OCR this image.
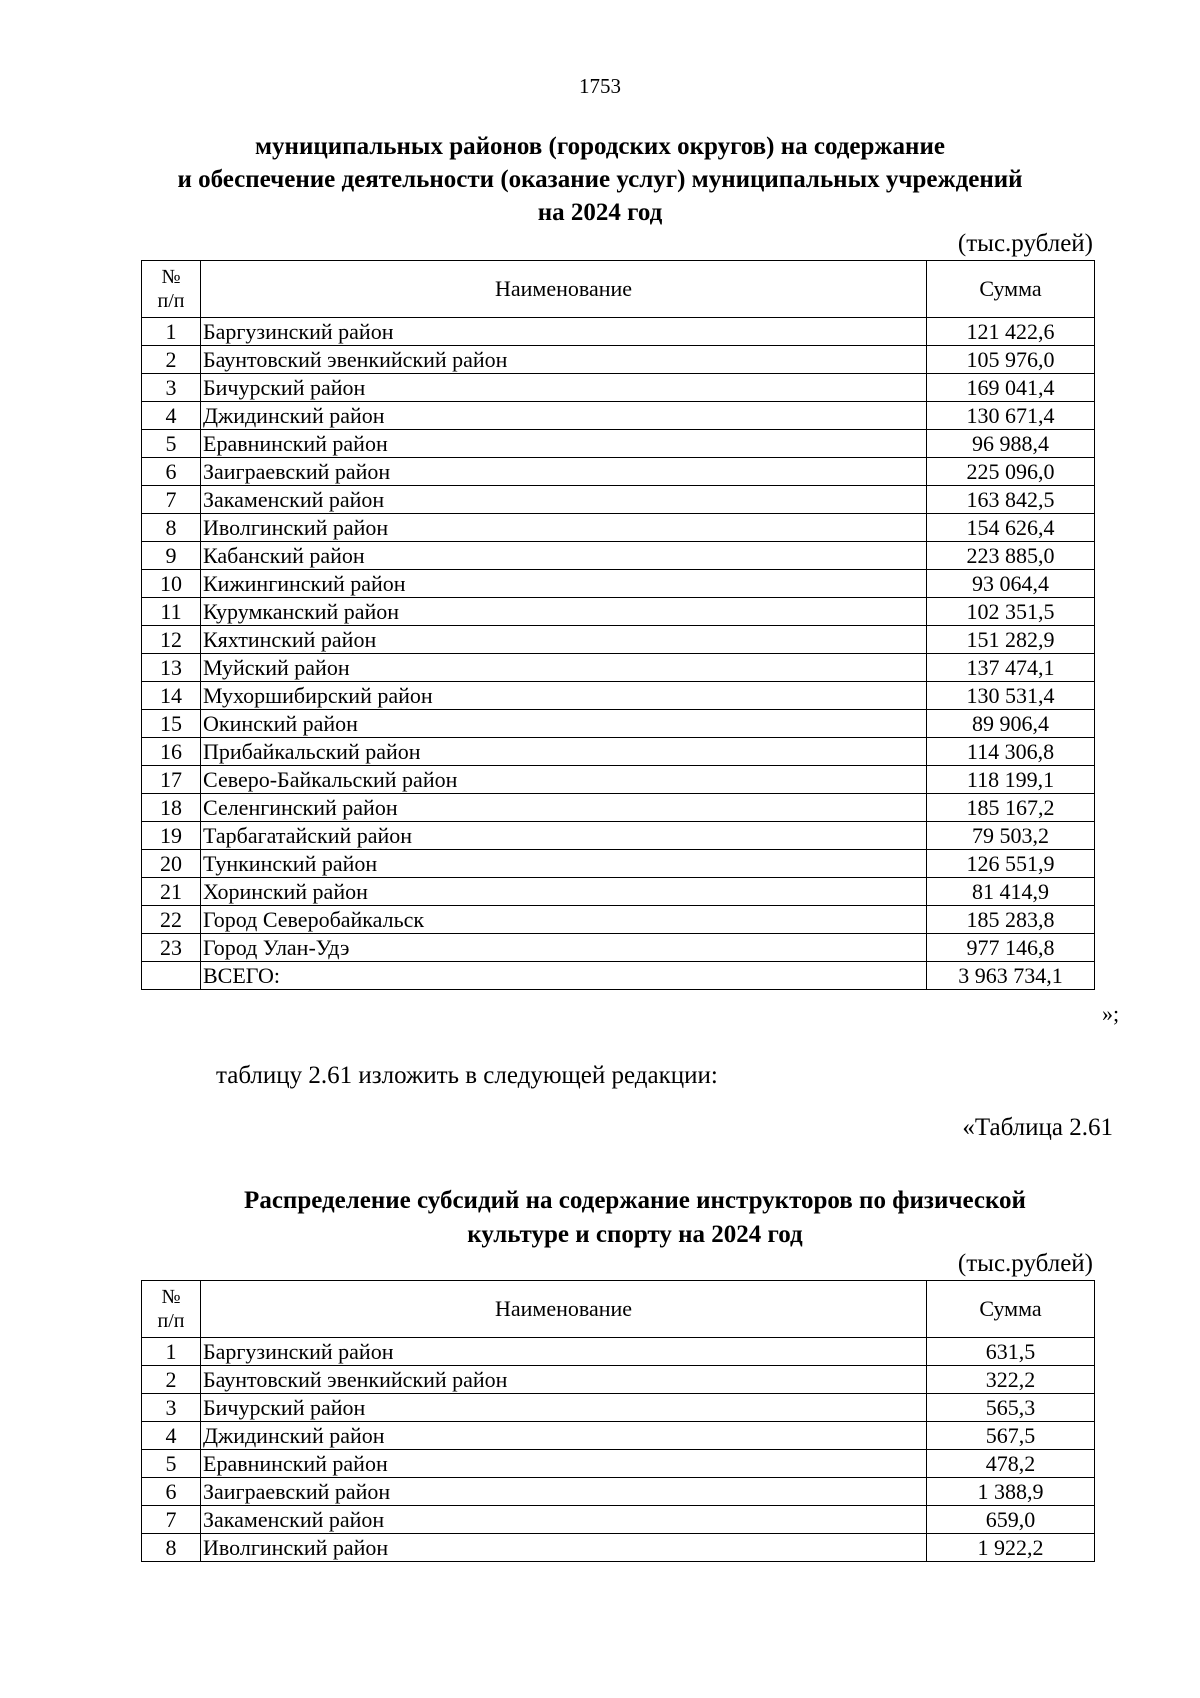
1753
муниципальных районов (городских округов) на содержание
и обеспечение деятельности (оказание услуг) муниципальных учреждений
на 2024 год
(тыс.рублей)
№
п/п	Наименование	Сумма
1	Баргузинский район	121 422,6
2	Баунтовский эвенкийский район	105 976,0
3	Бичурский район	169 041,4
4	Джидинский район	130 671,4
5	Еравнинский район	96 988,4
6	Заиграевский район	225 096,0
7	Закаменский район	163 842,5
8	Иволгинский район	154 626,4
9	Кабанский район	223 885,0
10	Кижингинский район	93 064,4
11	Курумканский район	102 351,5
12	Кяхтинский район	151 282,9
13	Муйский район	137 474,1
14	Мухоршибирский район	130 531,4
15	Окинский район	89 906,4
16	Прибайкальский район	114 306,8
17	Северо-Байкальский район	118 199,1
18	Селенгинский район	185 167,2
19	Тарбагатайский район	79 503,2
20	Тункинский район	126 551,9
21	Хоринский район	81 414,9
22	Город Северобайкальск	185 283,8
23	Город Улан-Удэ	977 146,8
	ВСЕГО:	3 963 734,1
»;
таблицу 2.61 изложить в следующей редакции:
«Таблица 2.61
Распределение субсидий на содержание инструкторов по физической
культуре и спорту на 2024 год
(тыс.рублей)
№
п/п	Наименование	Сумма
1	Баргузинский район	631,5
2	Баунтовский эвенкийский район	322,2
3	Бичурский район	565,3
4	Джидинский район	567,5
5	Еравнинский район	478,2
6	Заиграевский район	1 388,9
7	Закаменский район	659,0
8	Иволгинский район	1 922,2
